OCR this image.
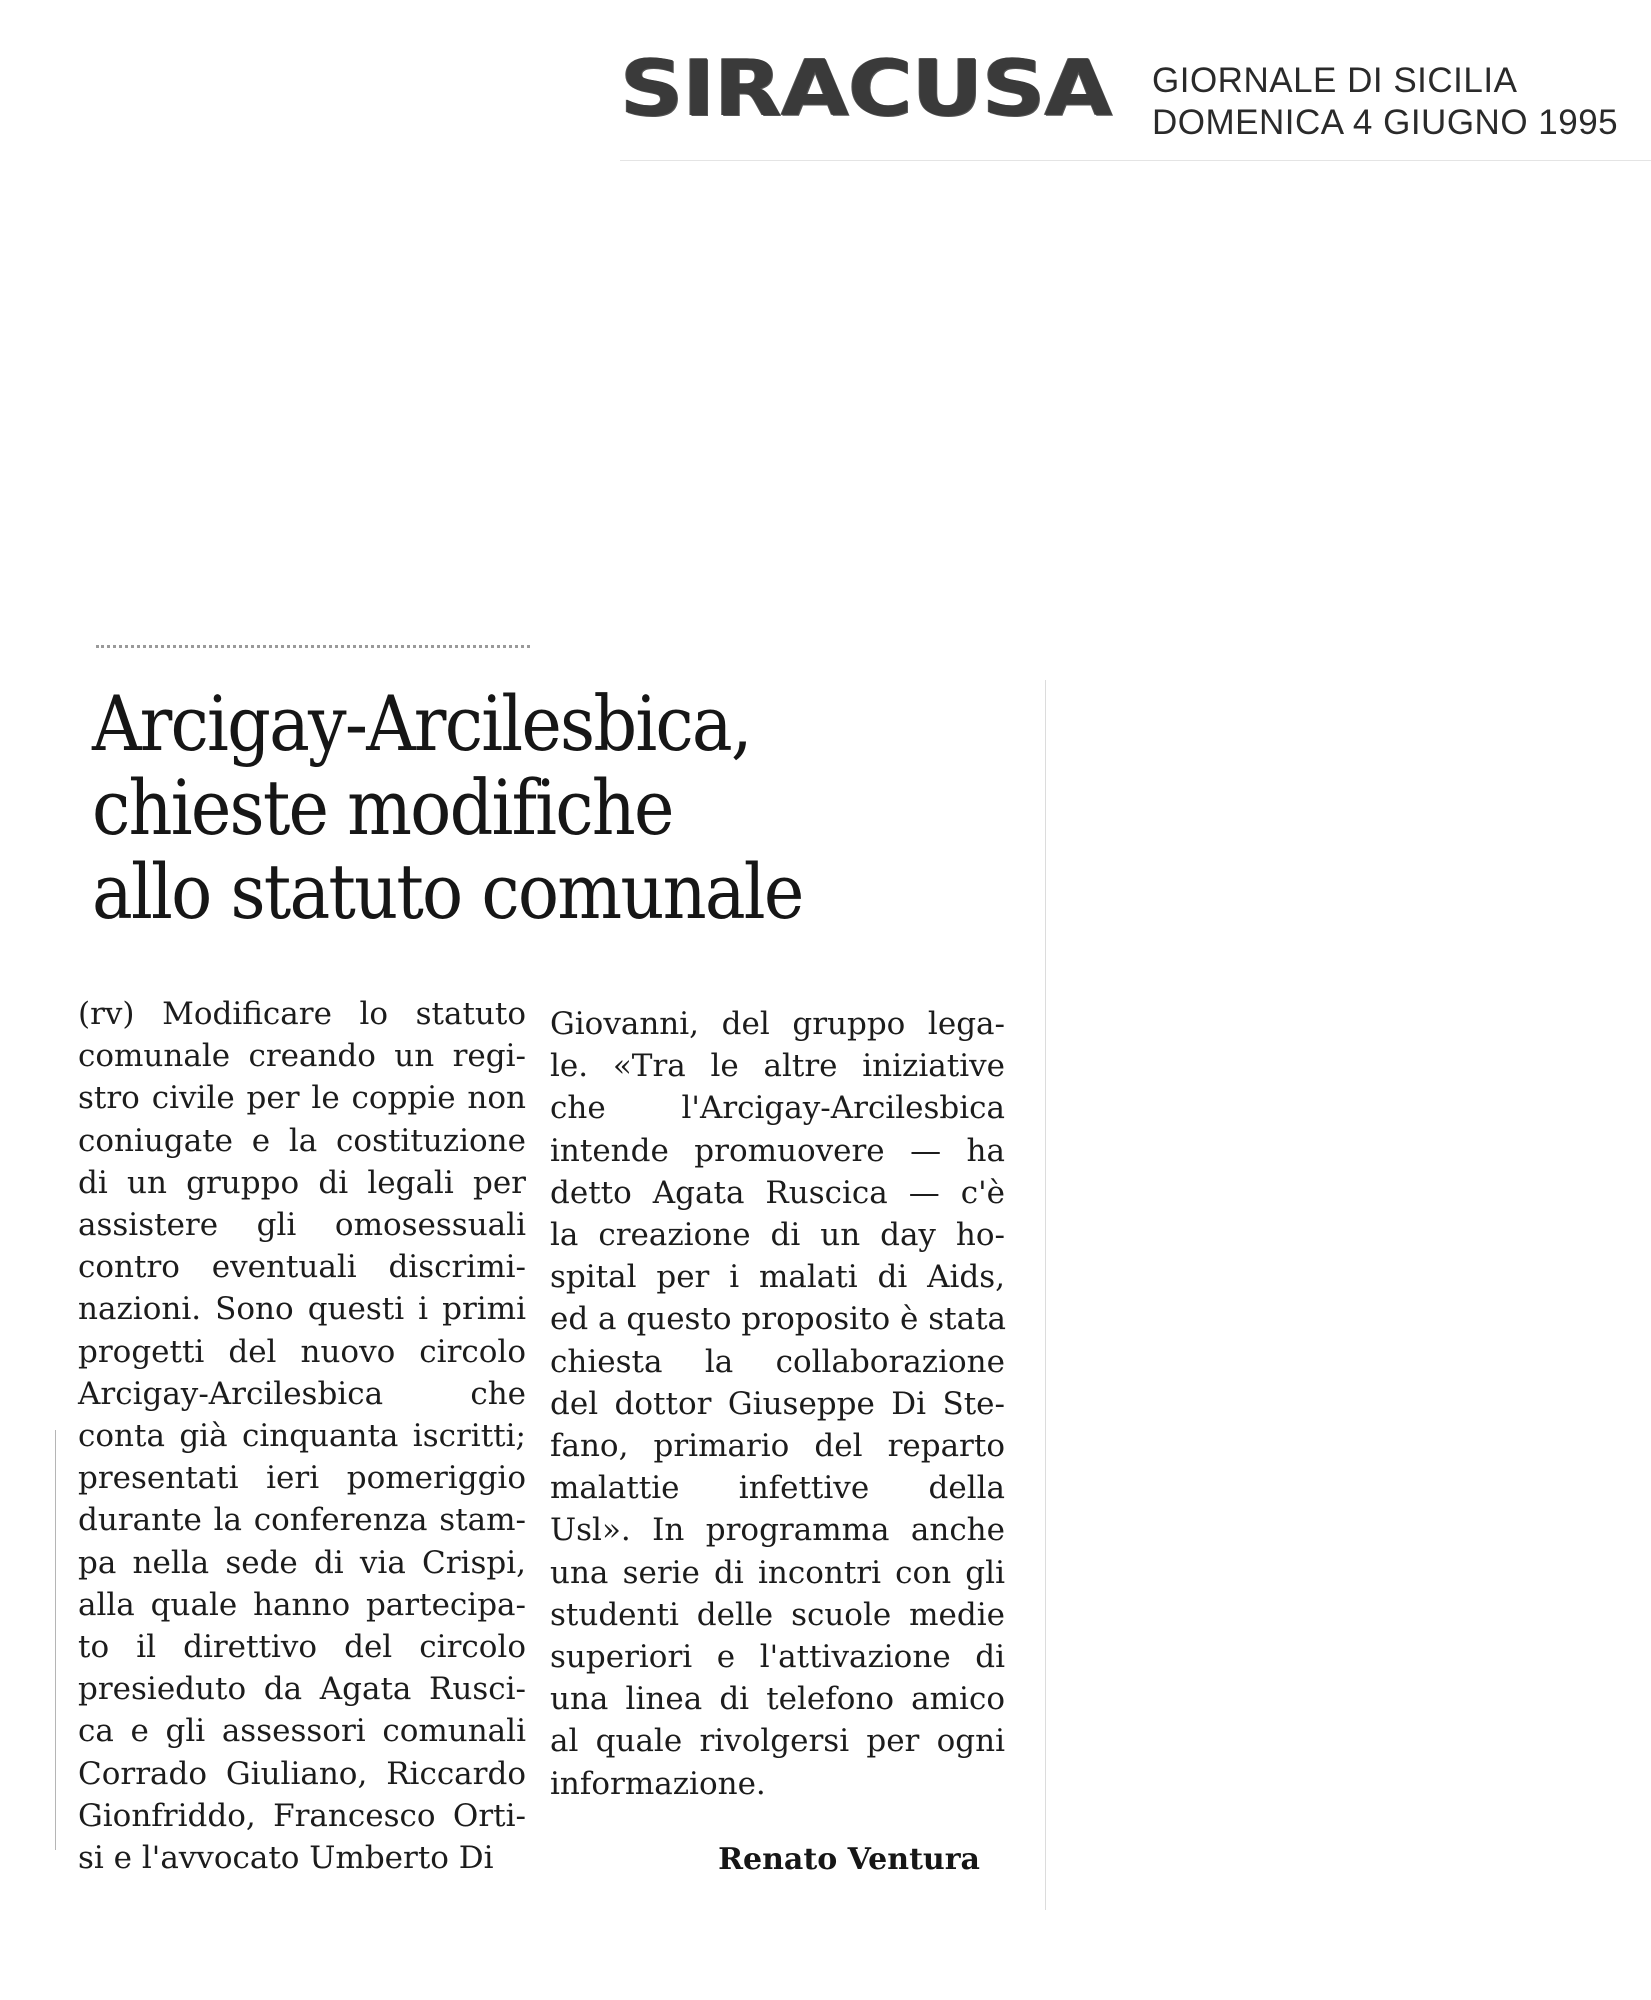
SIRACUSA GIORNALE DI SICILIA
DOMENICA 4 GIUGNO 1995
Arcigay-Arcilesbica,
chieste modifiche
allo statuto comunale
(rv) Modificare lo statuto
comunale creando un regi-
stro civile per le coppie non
coniugate e la costituzione
di un gruppo di legali per
assistere gli omosessuali
contro eventuali discrimi-
nazioni. Sono questi i primi
progetti del nuovo circolo
Arcigay-Arcilesbica che
conta già cinquanta iscritti;
presentati ieri pomeriggio
durante la conferenza stam-
pa nella sede di via Crispi,
alla quale hanno partecipa-
to il direttivo del circolo
presieduto da Agata Rusci-
ca e gli assessori comunali
Corrado Giuliano, Riccardo
Gionfriddo, Francesco Orti-
si e l'avvocato Umberto Di
Giovanni, del gruppo lega-
le. «Tra le altre iniziative
che l'Arcigay-Arcilesbica
intende promuovere — ha
detto Agata Ruscica — c'è
la creazione di un day ho-
spital per i malati di Aids,
ed a questo proposito è stata
chiesta la collaborazione
del dottor Giuseppe Di Ste-
fano, primario del reparto
malattie infettive della
Usl». In programma anche
una serie di incontri con gli
studenti delle scuole medie
superiori e l'attivazione di
una linea di telefono amico
al quale rivolgersi per ogni
informazione.
Renato Ventura
